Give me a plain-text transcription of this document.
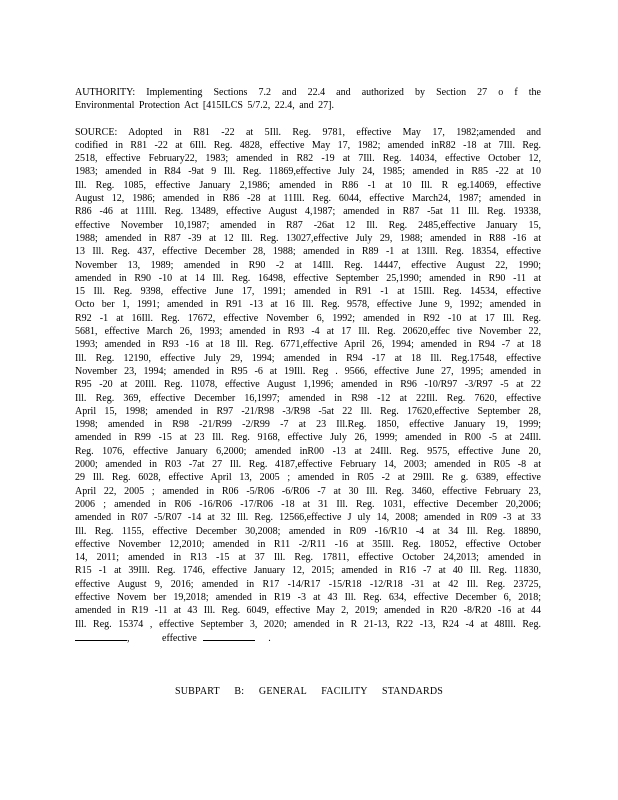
AUTHORITY: Implementing Sections 7.2 and 22.4 and authorized by Section 27 o f the

Environmental Protection Act [415ILCS 5/7.2, 22.4, and 27].

SOURCE: Adopted in R81 -22 at 5Ill. Reg. 9781, effective May 17, 1982;amended and

codified in R81 -22 at 6Ill. Reg. 4828, effective May 17, 1982; amended inR82 -18 at 7Ill. Reg.

2518, effective February22, 1983; amended in R82 -19 at 7Ill. Reg. 14034, effective October 12,

1983; amended in R84 -9at 9 Ill. Reg. 11869,effective July 24, 1985; amended in R85 -22 at 10

Ill. Reg. 1085, effective January 2,1986; amended in R86 -1 at 10 Ill. R eg.14069, effective

August 12, 1986; amended in R86 -28 at 11Ill. Reg. 6044, effective March24, 1987; amended in

R86 -46 at 11Ill. Reg. 13489, effective August 4,1987; amended in R87 -5at 11 Ill. Reg. 19338,

effective November 10,1987; amended in R87 -26at 12 Ill. Reg. 2485,effective January 15,

1988; amended in R87 -39 at 12 Ill. Reg. 13027,effective July 29, 1988; amended in R88 -16 at

13 Ill. Reg. 437, effective December 28, 1988; amended in R89 -1 at 13Ill. Reg. 18354, effective

November 13, 1989; amended in R90 -2 at 14Ill. Reg. 14447, effective August 22, 1990;

amended in R90 -10 at 14 Ill. Reg. 16498, effective September 25,1990; amended in R90 -11 at

15 Ill. Reg. 9398, effective June 17, 1991; amended in R91 -1 at 15Ill. Reg. 14534, effective

Octo ber 1, 1991; amended in R91 -13 at 16 Ill. Reg. 9578, effective June 9, 1992; amended in

R92 -1 at 16Ill. Reg. 17672, effective November 6, 1992; amended in R92 -10 at 17 Ill. Reg.

5681, effective March 26, 1993; amended in R93 -4 at 17 Ill. Reg. 20620,effec tive November 22,

1993; amended in R93 -16 at 18 Ill. Reg. 6771,effective April 26, 1994; amended in R94 -7 at 18

Ill. Reg. 12190, effective July 29, 1994; amended in R94 -17 at 18 Ill. Reg.17548, effective

November 23, 1994; amended in R95 -6 at 19Ill. Reg . 9566, effective June 27, 1995; amended in

R95 -20 at 20Ill. Reg. 11078, effective August 1,1996; amended in R96 -10/R97 -3/R97 -5 at 22

Ill. Reg. 369, effective December 16,1997; amended in R98 -12 at 22Ill. Reg. 7620, effective

April 15, 1998; amended in R97 -21/R98 -3/R98 -5at 22 Ill. Reg. 17620,effective September 28,

1998; amended in R98 -21/R99 -2/R99 -7 at 23 Ill.Reg. 1850, effective January 19, 1999;

amended in R99 -15 at 23 Ill. Reg. 9168, effective July 26, 1999; amended in R00 -5 at 24Ill.

Reg. 1076, effective January 6,2000; amended inR00 -13 at 24Ill. Reg. 9575, effective June 20,

2000; amended in R03 -7at 27 Ill. Reg. 4187,effective February 14, 2003; amended in R05 -8 at

29 Ill. Reg. 6028, effective April 13, 2005 ; amended in R05 -2 at 29Ill. Re g. 6389, effective

April 22, 2005 ; amended in R06 -5/R06 -6/R06 -7 at 30 Ill. Reg. 3460, effective February 23,

2006 ; amended in R06 -16/R06 -17/R06 -18 at 31 Ill. Reg. 1031, effective December 20,2006;

amended in R07 -5/R07 -14 at 32 Ill. Reg. 12566,effective J uly 14, 2008; amended in R09 -3 at 33

Ill. Reg. 1155, effective December 30,2008; amended in R09 -16/R10 -4 at 34 Ill. Reg. 18890,

effective November 12,2010; amended in R11 -2/R11 -16 at 35Ill. Reg. 18052, effective October

14, 2011; amended in R13 -15 at 37 Ill. Reg. 17811, effective October 24,2013; amended in

R15 -1 at 39Ill. Reg. 1746, effective January 12, 2015; amended in R16 -7 at 40 Ill. Reg. 11830,

effective August 9, 2016; amended in R17 -14/R17 -15/R18 -12/R18 -31 at 42 Ill. Reg. 23725,

effective Novem ber 19,2018; amended in R19 -3 at 43 Ill. Reg. 634, effective December 6, 2018;

amended in R19 -11 at 43 Ill. Reg. 6049, effective May 2, 2019; amended in R20 -8/R20 -16 at 44

Ill. Reg. 15374 , effective September 3, 2020; amended in R 21-13, R22 -13, R24 -4 at 48Ill. Reg.

,	effective	.

SUBPART B: GENERAL FACILITY STANDARDS
